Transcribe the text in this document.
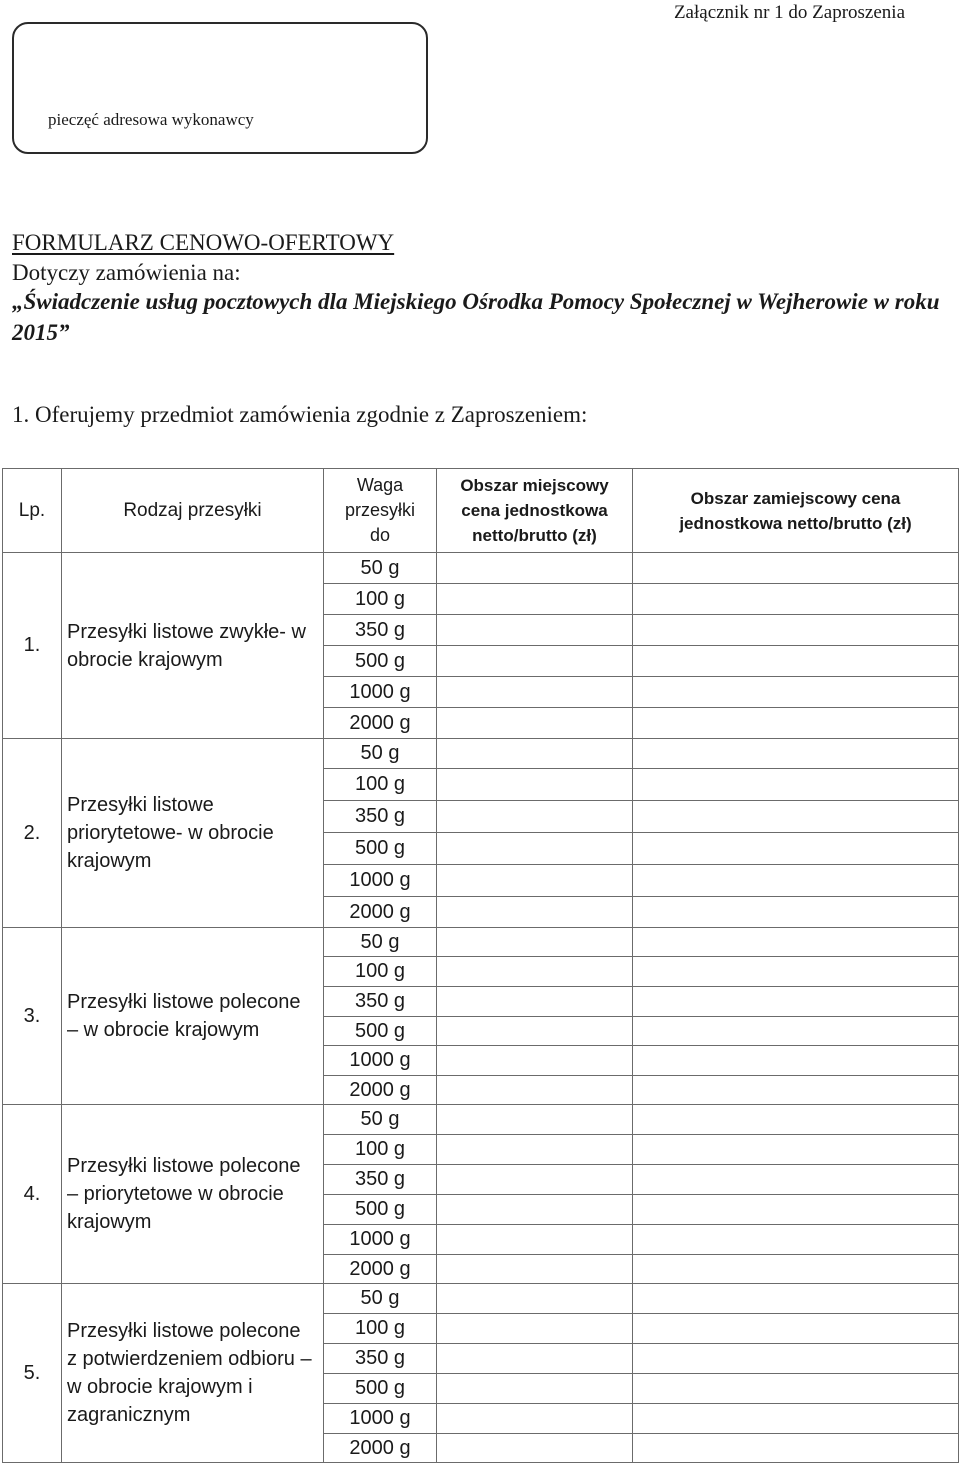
Załącznik nr 1 do Zaproszenia
pieczęć adresowa wykonawcy
FORMULARZ CENOWO-OFERTOWY
Dotyczy zamówienia na:
„Świadczenie usług pocztowych dla Miejskiego Ośrodka Pomocy Społecznej w Wejherowie w roku 2015”
1. Oferujemy przedmiot zamówienia zgodnie z Zaproszeniem:
Lp.	Rodzaj przesyłki	Waga przesyłki do	Obszar miejscowy cena jednostkowa netto/brutto (zł)	Obszar zamiejscowy cena jednostkowa netto/brutto (zł)

1.	Przesyłki listowe zwykłe- w obrocie krajowym	50 g		
		100 g		
		350 g		
		500 g		
		1000 g		
		2000 g		
2.	Przesyłki listowe priorytetowe- w obrocie krajowym	50 g		
		100 g		
		350 g		
		500 g		
		1000 g		
		2000 g		
3.	Przesyłki listowe polecone – w obrocie krajowym	50 g		
		100 g		
		350 g		
		500 g		
		1000 g		
		2000 g		
4.	Przesyłki listowe polecone – priorytetowe w obrocie krajowym	50 g		
		100 g		
		350 g		
		500 g		
		1000 g		
		2000 g		
5.	Przesyłki listowe polecone z potwierdzeniem odbioru – w obrocie krajowym i zagranicznym	50 g		
		100 g		
		350 g		
		500 g		
		1000 g		
		2000 g		
